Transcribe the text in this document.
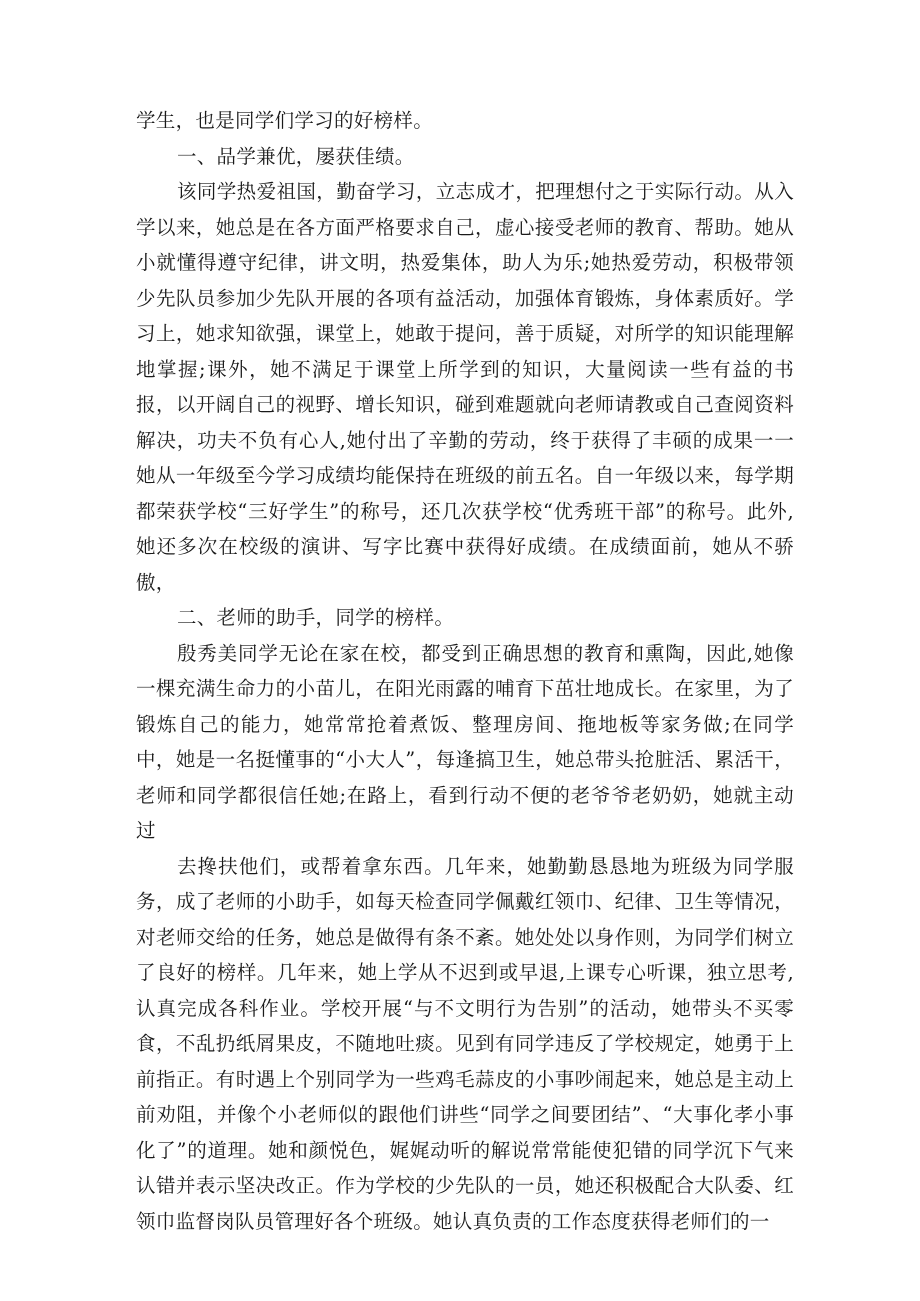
学生，也是同学们学习的好榜样。

一、品学兼优，屡获佳绩。

该同学热爱祖国，勤奋学习，立志成才，把理想付之于实际行动。从入学以来，她总是在各方面严格要求自己，虚心接受老师的教育、帮助。她从小就懂得遵守纪律，讲文明，热爱集体，助人为乐;她热爱劳动，积极带领少先队员参加少先队开展的各项有益活动，加强体育锻炼，身体素质好。学习上，她求知欲强，课堂上，她敢于提问，善于质疑，对所学的知识能理解地掌握;课外，她不满足于课堂上所学到的知识，大量阅读一些有益的书报，以开阔自己的视野、增长知识，碰到难题就向老师请教或自己查阅资料解决，功夫不负有心人,她付出了辛勤的劳动，终于获得了丰硕的成果一一她从一年级至今学习成绩均能保持在班级的前五名。自一年级以来，每学期都荣获学校“三好学生”的称号，还几次获学校“优秀班干部”的称号。此外,她还多次在校级的演讲、写字比赛中获得好成绩。在成绩面前，她从不骄傲，

二、老师的助手，同学的榜样。

殷秀美同学无论在家在校，都受到正确思想的教育和熏陶，因此,她像一棵充满生命力的小苗儿，在阳光雨露的哺育下茁壮地成长。在家里，为了锻炼自己的能力，她常常抢着煮饭、整理房间、拖地板等家务做;在同学中，她是一名挺懂事的“小大人”，每逢搞卫生，她总带头抢脏活、累活干，老师和同学都很信任她;在路上，看到行动不便的老爷爷老奶奶，她就主动过

去搀扶他们，或帮着拿东西。几年来，她勤勤恳恳地为班级为同学服务，成了老师的小助手，如每天检查同学佩戴红领巾、纪律、卫生等情况，对老师交给的任务，她总是做得有条不紊。她处处以身作则，为同学们树立了良好的榜样。几年来，她上学从不迟到或早退,上课专心听课，独立思考,认真完成各科作业。学校开展“与不文明行为告别”的活动，她带头不买零食，不乱扔纸屑果皮，不随地吐痰。见到有同学违反了学校规定，她勇于上前指正。有时遇上个别同学为一些鸡毛蒜皮的小事吵闹起来，她总是主动上前劝阻，并像个小老师似的跟他们讲些“同学之间要团结”、“大事化孝小事化了”的道理。她和颜悦色，娓娓动听的解说常常能使犯错的同学沉下气来认错并表示坚决改正。作为学校的少先队的一员，她还积极配合大队委、红领巾监督岗队员管理好各个班级。她认真负责的工作态度获得老师们的一
